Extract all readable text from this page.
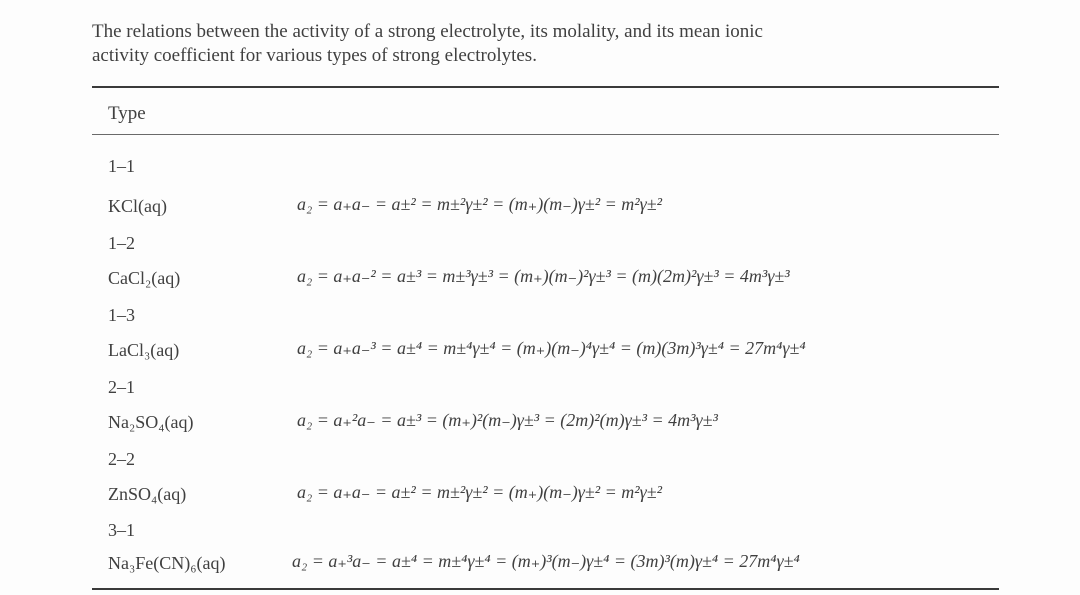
The relations between the activity of a strong electrolyte, its molality, and its mean ionic
activity coefficient for various types of strong electrolytes.
Type
1–1
KCl(aq)	a₂ = a₊a₋ = a±² = m±²γ±² = (m₊)(m₋)γ±² = m²γ±²
1–2
CaCl₂(aq)	a₂ = a₊a₋² = a±³ = m±³γ±³ = (m₊)(m₋)²γ±³ = (m)(2m)²γ±³ = 4m³γ±³
1–3
LaCl₃(aq)	a₂ = a₊a₋³ = a±⁴ = m±⁴γ±⁴ = (m₊)(m₋)⁴γ±⁴ = (m)(3m)³γ±⁴ = 27m⁴γ±⁴
2–1
Na₂SO₄(aq)	a₂ = a₊²a₋ = a±³ = (m₊)²(m₋)γ±³ = (2m)²(m)γ±³ = 4m³γ±³
2–2
ZnSO₄(aq)	a₂ = a₊a₋ = a±² = m±²γ±² = (m₊)(m₋)γ±² = m²γ±²
3–1
Na₃Fe(CN)₆(aq)	a₂ = a₊³a₋ = a±⁴ = m±⁴γ±⁴ = (m₊)³(m₋)γ±⁴ = (3m)³(m)γ±⁴ = 27m⁴γ±⁴
